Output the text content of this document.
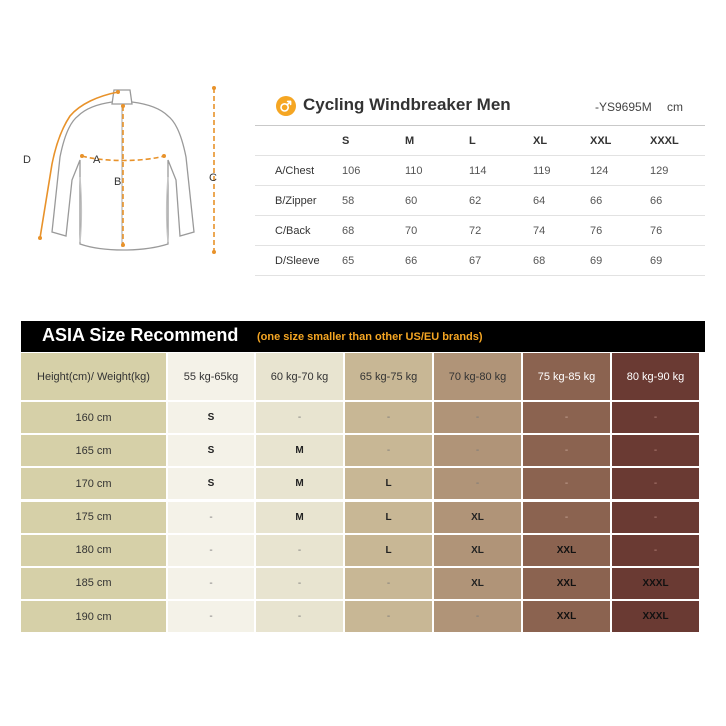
A
B	C
D
Cycling Windbreaker Men	-YS9695M cm
	S	M	L	XL	XXL	XXXL
A/Chest	106	110	114	119	124	129
B/Zipper	58	60	62	64	66	66
C/Back	68	70	72	74	76	76
D/Sleeve	65	66	67	68	69	69
ASIA Size Recommend (one size smaller than other US/EU brands)
Height(cm)/ Weight(kg)	55 kg-65kg	60 kg-70 kg	65 kg-75 kg	70 kg-80 kg	75 kg-85 kg	80 kg-90 kg
160 cm	S	-	-	-	-	-
165 cm	S	M	-	-	-	-
170 cm	S	M	L	-	-	-
175 cm	-	M	L	XL	-	-
180 cm	-	-	L	XL	XXL	-
185 cm	-	-	-	XL	XXL	XXXL
190 cm	-	-	-	-	XXL	XXXL
